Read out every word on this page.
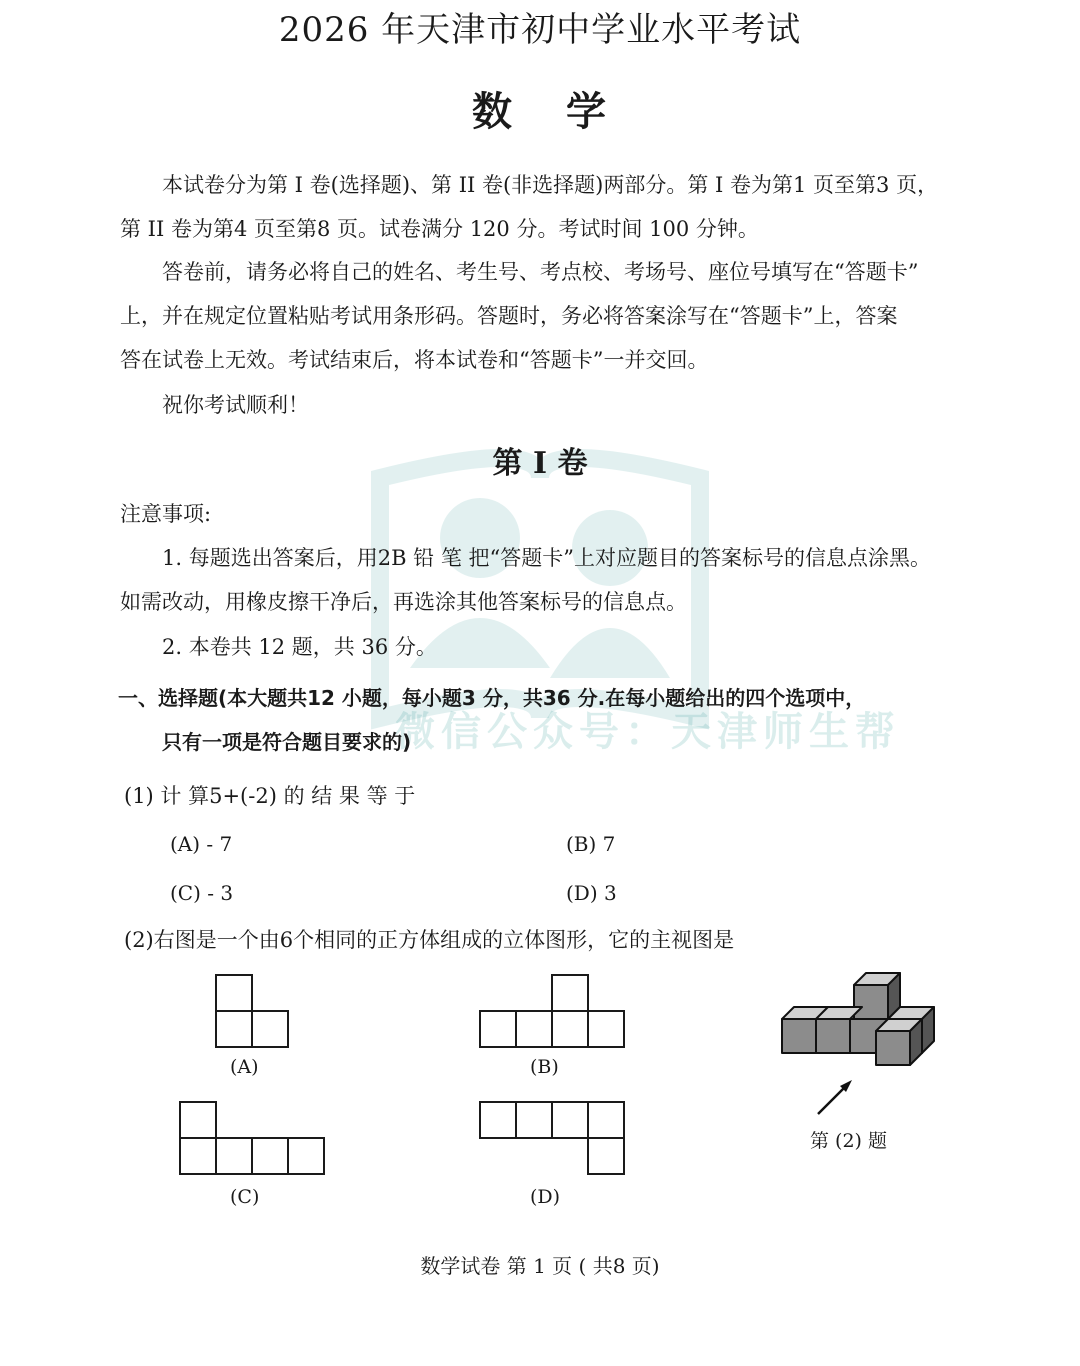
微信公众号：天津师生帮
2026 年天津市初中学业水平考试
数 学
本试卷分为第 I 卷(选择题)、第 II 卷(非选择题)两部分。第 I 卷为第1 页至第3 页，
第 II 卷为第4 页至第8 页。试卷满分 120 分。考试时间 100 分钟。
答卷前，请务必将自己的姓名、考生号、考点校、考场号、座位号填写在“答题卡”
上，并在规定位置粘贴考试用条形码。答题时，务必将答案涂写在“答题卡”上，答案
答在试卷上无效。考试结束后，将本试卷和“答题卡”一并交回。
祝你考试顺利！
第 I 卷
注意事项:
1. 每题选出答案后，用2B 铅 笔 把“答题卡”上对应题目的答案标号的信息点涂黑。
如需改动，用橡皮擦干净后，再选涂其他答案标号的信息点。
2. 本卷共 12 题，共 36 分。
一、选择题(本大题共12 小题，每小题3 分，共36 分.在每小题给出的四个选项中，
只有一项是符合题目要求的)
(1) 计 算5+(-2) 的 结 果 等 于
(A) - 7	(B) 7
(C) - 3	(D) 3
(2)右图是一个由6个相同的正方体组成的立体图形，它的主视图是
(A)	(B)
(C)	(D)
第 (2) 题
数学试卷 第 1 页 ( 共8 页)
